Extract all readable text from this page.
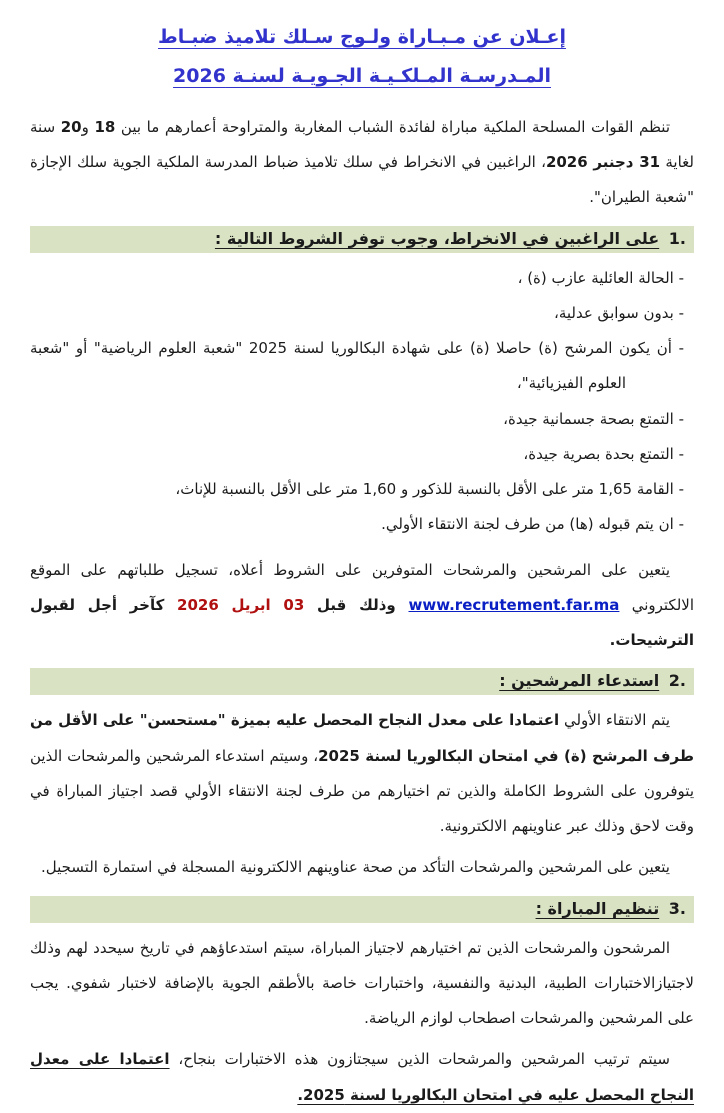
إعـلان عن مـبـاراة ولـوج سـلك تلاميذ ضبـاط
المـدرسـة المـلكـيـة الجـويـة لسنـة 2026

تنظم القوات المسلحة الملكية مباراة لفائدة الشباب المغاربة والمتراوحة أعمارهم ما بين 18 و20 سنة لغاية 31 دجنبر 2026، الراغبين في الانخراط في سلك تلاميذ ضباط المدرسة الملكية الجوية سلك الإجازة "شعبة الطيران".

1. على الراغبين في الانخراط، وجوب توفر الشروط التالية :
- الحالة العائلية عازب (ة) ،
- بدون سوابق عدلية،
- أن يكون المرشح (ة) حاصلا (ة) على شهادة البكالوريا لسنة 2025 "شعبة العلوم الرياضية" أو "شعبة العلوم الفيزيائية"،
- التمتع بصحة جسمانية جيدة،
- التمتع بحدة بصرية جيدة،
- القامة 1,65 متر على الأقل بالنسبة للذكور و 1,60 متر على الأقل بالنسبة للإناث،
- ان يتم قبوله (ها) من طرف لجنة الانتقاء الأولي.

يتعين على المرشحين والمرشحات المتوفرين على الشروط أعلاه، تسجيل طلباتهم على الموقع الالكتروني www.recrutement.far.ma وذلك قبل 03 ابريل 2026 كآخر أجل لقبول الترشيحات.

2. استدعاء المرشحين :

يتم الانتقاء الأولي اعتمادا على معدل النجاح المحصل عليه بميزة "مستحسن" على الأقل من طرف المرشح (ة) في امتحان البكالوريا لسنة 2025، وسيتم استدعاء المرشحين والمرشحات الذين يتوفرون على الشروط الكاملة والذين تم اختيارهم من طرف لجنة الانتقاء الأولي قصد اجتياز المباراة في وقت لاحق وذلك عبر عناوينهم الالكترونية.

يتعين على المرشحين والمرشحات التأكد من صحة عناوينهم الالكترونية المسجلة في استمارة التسجيل.

3. تنظيم المباراة :

المرشحون والمرشحات الذين تم اختيارهم لاجتياز المباراة، سيتم استدعاؤهم في تاريخ سيحدد لهم وذلك لاجتيازالاختبارات الطبية، البدنية والنفسية، واختبارات خاصة بالأطقم الجوية بالإضافة لاختبار شفوي. يجب على المرشحين والمرشحات اصطحاب لوازم الرياضة.

سيتم ترتيب المرشحين والمرشحات الذين سيجتازون هذه الاختبارات بنجاح، اعتمادا على معدل النجاح المحصل عليه في امتحان البكالوريا لسنة 2025.
